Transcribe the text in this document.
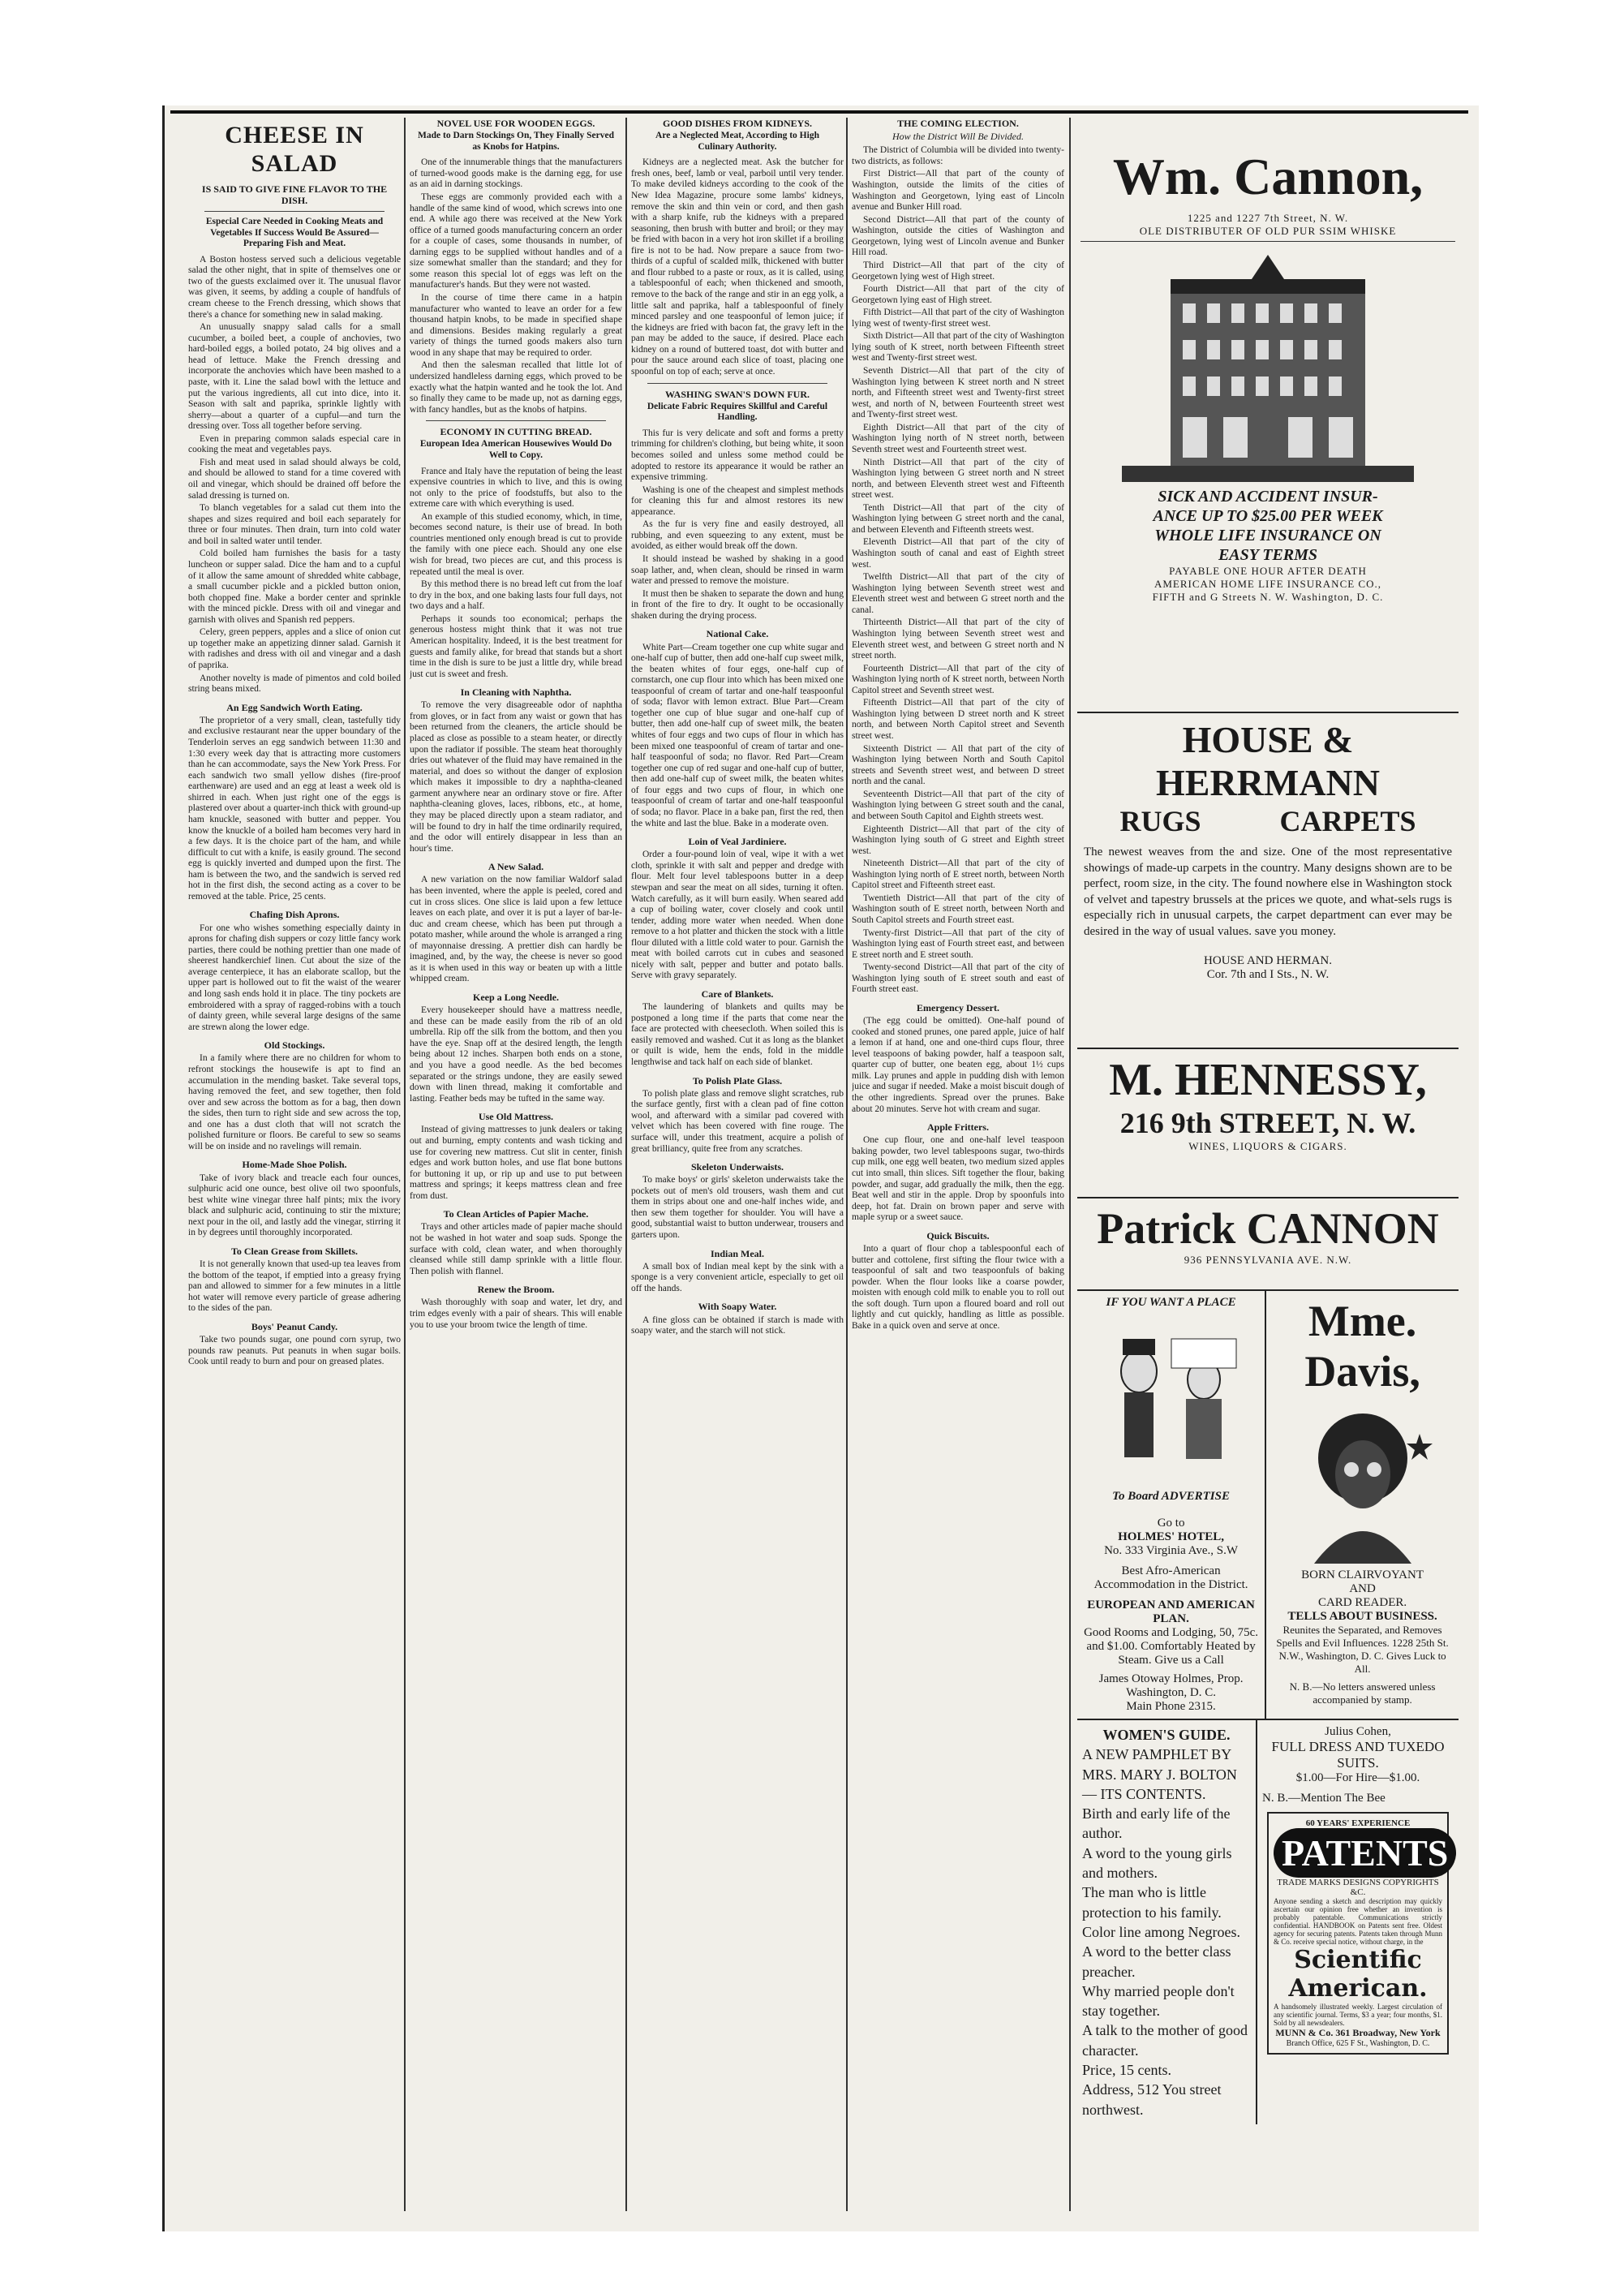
CHEESE IN SALAD
IS SAID TO GIVE FINE FLAVOR TO THE DISH.
Especial Care Needed in Cooking Meats and Vegetables If Success Would Be Assured—Preparing Fish and Meat.

A Boston hostess served such a delicious vegetable salad the other night, that in spite of themselves one or two of the guests exclaimed over it. The unusual flavor was given, it seems, by adding a couple of handfuls of cream cheese to the French dressing, which shows that there's a chance for something new in salad making.

An unusually snappy salad calls for a small cucumber, a boiled beet, a couple of anchovies, two hard-boiled eggs, a boiled potato, 24 big olives and a head of lettuce. Make the French dressing and incorporate the anchovies which have been mashed to a paste, with it. Line the salad bowl with the lettuce and put the various ingredients, all cut into dice, into it. Season with salt and paprika, sprinkle lightly with sherry—about a quarter of a cupful—and turn the dressing over. Toss all together before serving.

Even in preparing common salads especial care in cooking the meat and vegetables pays.

Fish and meat used in salad should always be cold, and should be allowed to stand for a time covered with oil and vinegar, which should be drained off before the salad dressing is turned on.

To blanch vegetables for a salad cut them into the shapes and sizes required and boil each separately for three or four minutes. Then drain, turn into cold water and boil in salted water until tender.

Cold boiled ham furnishes the basis for a tasty luncheon or supper salad. Dice the ham and to a cupful of it allow the same amount of shredded white cabbage, a small cucumber pickle and a pickled button onion, both chopped fine. Make a border center and sprinkle with the minced pickle. Dress with oil and vinegar and garnish with olives and Spanish red peppers.

Celery, green peppers, apples and a slice of onion cut up together make an appetizing dinner salad. Garnish it with radishes and dress with oil and vinegar and a dash of paprika.

Another novelty is made of pimentos and cold boiled string beans mixed.

An Egg Sandwich Worth Eating.

The proprietor of a very small, clean, tastefully tidy and exclusive restaurant near the upper boundary of the Tenderloin serves an egg sandwich between 11:30 and 1:30 every week day that is attracting more customers than he can accommodate, says the New York Press. For each sandwich two small yellow dishes (fire-proof earthenware) are used and an egg at least a week old is shirred in each. When just right one of the eggs is plastered over about a quarter-inch thick with ground-up ham knuckle, seasoned with butter and pepper. You know the knuckle of a boiled ham becomes very hard in a few days. It is the choice part of the ham, and while difficult to cut with a knife, is easily ground. The second egg is quickly inverted and dumped upon the first. The ham is between the two, and the sandwich is served red hot in the first dish, the second acting as a cover to be removed at the table. Price, 25 cents.

Chafing Dish Aprons.

For one who wishes something especially dainty in aprons for chafing dish suppers or cozy little fancy work parties, there could be nothing prettier than one made of sheerest handkerchief linen. Cut about the size of the average centerpiece, it has an elaborate scallop, but the upper part is hollowed out to fit the waist of the wearer and long sash ends hold it in place. The tiny pockets are embroidered with a spray of ragged-robins with a touch of dainty green, while several large designs of the same are strewn along the lower edge.

Old Stockings.

In a family where there are no children for whom to refront stockings the housewife is apt to find an accumulation in the mending basket. Take several tops, having removed the feet, and sew together, then fold over and sew across the bottom as for a bag, then down the sides, then turn to right side and sew across the top, and one has a dust cloth that will not scratch the polished furniture or floors. Be careful to sew so seams will be on inside and no ravelings will remain.

Home-Made Shoe Polish.

Take of ivory black and treacle each four ounces, sulphuric acid one ounce, best olive oil two spoonfuls, best white wine vinegar three half pints; mix the ivory black and sulphuric acid, continuing to stir the mixture; next pour in the oil, and lastly add the vinegar, stirring it in by degrees until thoroughly incorporated.

To Clean Grease from Skillets.

It is not generally known that used-up tea leaves from the bottom of the teapot, if emptied into a greasy frying pan and allowed to simmer for a few minutes in a little hot water will remove every particle of grease adhering to the sides of the pan.

Boys' Peanut Candy.

Take two pounds sugar, one pound corn syrup, two pounds raw peanuts. Put peanuts in when sugar boils. Cook until ready to burn and pour on greased plates.

NOVEL USE FOR WOODEN EGGS.
Made to Darn Stockings On, They Finally Served as Knobs for Hatpins.

One of the innumerable things that the manufacturers of turned-wood goods make is the darning egg, for use as an aid in darning stockings.

These eggs are commonly provided each with a handle of the same kind of wood, which screws into one end. A while ago there was received at the New York office of a turned goods manufacturing concern an order for a couple of cases, some thousands in number, of darning eggs to be supplied without handles and of a size somewhat smaller than the standard; and they for some reason this special lot of eggs was left on the manufacturer's hands. But they were not wasted.

In the course of time there came in a hatpin manufacturer who wanted to leave an order for a few thousand hatpin knobs, to be made in specified shape and dimensions. Besides making regularly a great variety of things the turned goods makers also turn wood in any shape that may be required to order.

And then the salesman recalled that little lot of undersized handleless darning eggs, which proved to be exactly what the hatpin wanted and he took the lot. And so finally they came to be made up, not as darning eggs, with fancy handles, but as the knobs of hatpins.

ECONOMY IN CUTTING BREAD.
European Idea American Housewives Would Do Well to Copy.

France and Italy have the reputation of being the least expensive countries in which to live, and this is owing not only to the price of foodstuffs, but also to the extreme care with which everything is used.

An example of this studied economy, which, in time, becomes second nature, is their use of bread. In both countries mentioned only enough bread is cut to provide the family with one piece each. Should any one else wish for bread, two pieces are cut, and this process is repeated until the meal is over.

By this method there is no bread left cut from the loaf to dry in the box, and one baking lasts four full days, not two days and a half.

Perhaps it sounds too economical; perhaps the generous hostess might think that it was not true American hospitality. Indeed, it is the best treatment for guests and family alike, for bread that stands but a short time in the dish is sure to be just a little dry, while bread just cut is sweet and fresh.

In Cleaning with Naphtha.

To remove the very disagreeable odor of naphtha from gloves, or in fact from any waist or gown that has been returned from the cleaners, the article should be placed as close as possible to a steam heater, or directly upon the radiator if possible. The steam heat thoroughly dries out whatever of the fluid may have remained in the material, and does so without the danger of explosion which makes it impossible to dry a naphtha-cleaned garment anywhere near an ordinary stove or fire. After naphtha-cleaning gloves, laces, ribbons, etc., at home, they may be placed directly upon a steam radiator, and will be found to dry in half the time ordinarily required, and the odor will entirely disappear in less than an hour's time.

A New Salad.

A new variation on the now familiar Waldorf salad has been invented, where the apple is peeled, cored and cut in cross slices. One slice is laid upon a few lettuce leaves on each plate, and over it is put a layer of bar-le-duc and cream cheese, which has been put through a potato masher, while around the whole is arranged a ring of mayonnaise dressing. A prettier dish can hardly be imagined, and, by the way, the cheese is never so good as it is when used in this way or beaten up with a little whipped cream.

Keep a Long Needle.

Every housekeeper should have a mattress needle, and these can be made easily from the rib of an old umbrella. Rip off the silk from the bottom, and then you have the eye. Snap off at the desired length, the length being about 12 inches. Sharpen both ends on a stone, and you have a good needle. As the bed becomes separated or the strings undone, they are easily sewed down with linen thread, making it comfortable and lasting. Feather beds may be tufted in the same way.

Use Old Mattress.

Instead of giving mattresses to junk dealers or taking out and burning, empty contents and wash ticking and use for covering new mattress. Cut slit in center, finish edges and work button holes, and use flat bone buttons for buttoning it up, or rip up and use to put between mattress and springs; it keeps mattress clean and free from dust.

To Clean Articles of Papier Mache.

Trays and other articles made of papier mache should not be washed in hot water and soap suds. Sponge the surface with cold, clean water, and when thoroughly cleansed while still damp sprinkle with a little flour. Then polish with flannel.

Renew the Broom.

Wash thoroughly with soap and water, let dry, and trim edges evenly with a pair of shears. This will enable you to use your broom twice the length of time.

GOOD DISHES FROM KIDNEYS.
Are a Neglected Meat, According to High Culinary Authority.

Kidneys are a neglected meat. Ask the butcher for fresh ones, beef, lamb or veal, parboil until very tender. To make deviled kidneys according to the cook of the New Idea Magazine, procure some lambs' kidneys, remove the skin and thin vein or cord, and then gash with a sharp knife, rub the kidneys with a prepared seasoning, then brush with butter and broil; or they may be fried with bacon in a very hot iron skillet if a broiling fire is not to be had. Now prepare a sauce from two-thirds of a cupful of scalded milk, thickened with butter and flour rubbed to a paste or roux, as it is called, using a tablespoonful of each; when thickened and smooth, remove to the back of the range and stir in an egg yolk, a little salt and paprika, half a tablespoonful of finely minced parsley and one teaspoonful of lemon juice; if the kidneys are fried with bacon fat, the gravy left in the pan may be added to the sauce, if desired. Place each kidney on a round of buttered toast, dot with butter and pour the sauce around each slice of toast, placing one spoonful on top of each; serve at once.

WASHING SWAN'S DOWN FUR.
Delicate Fabric Requires Skillful and Careful Handling.

This fur is very delicate and soft and forms a pretty trimming for children's clothing, but being white, it soon becomes soiled and unless some method could be adopted to restore its appearance it would be rather an expensive trimming.

Washing is one of the cheapest and simplest methods for cleaning this fur and almost restores its new appearance.

As the fur is very fine and easily destroyed, all rubbing, and even squeezing to any extent, must be avoided, as either would break off the down.

It should instead be washed by shaking in a good soap lather, and, when clean, should be rinsed in warm water and pressed to remove the moisture.

It must then be shaken to separate the down and hung in front of the fire to dry. It ought to be occasionally shaken during the drying process.

National Cake.

White Part—Cream together one cup white sugar and one-half cup of butter, then add one-half cup sweet milk, the beaten whites of four eggs, one-half cup of cornstarch, one cup flour into which has been mixed one teaspoonful of cream of tartar and one-half teaspoonful of soda; flavor with lemon extract. Blue Part—Cream together one cup of blue sugar and one-half cup of butter, then add one-half cup of sweet milk, the beaten whites of four eggs and two cups of flour in which has been mixed one teaspoonful of cream of tartar and one-half teaspoonful of soda; no flavor. Red Part—Cream together one cup of red sugar and one-half cup of butter, then add one-half cup of sweet milk, the beaten whites of four eggs and two cups of flour, in which one teaspoonful of cream of tartar and one-half teaspoonful of soda; no flavor. Place in a bake pan, first the red, then the white and last the blue. Bake in a moderate oven.

Loin of Veal Jardiniere.

Order a four-pound loin of veal, wipe it with a wet cloth, sprinkle it with salt and pepper and dredge with flour. Melt four level tablespoons butter in a deep stewpan and sear the meat on all sides, turning it often. Watch carefully, as it will burn easily. When seared add a cup of boiling water, cover closely and cook until tender, adding more water when needed. When done remove to a hot platter and thicken the stock with a little flour diluted with a little cold water to pour. Garnish the meat with boiled carrots cut in cubes and seasoned nicely with salt, pepper and butter and potato balls. Serve with gravy separately.

Care of Blankets.

The laundering of blankets and quilts may be postponed a long time if the parts that come near the face are protected with cheesecloth. When soiled this is easily removed and washed. Cut it as long as the blanket or quilt is wide, hem the ends, fold in the middle lengthwise and tack half on each side of blanket.

To Polish Plate Glass.

To polish plate glass and remove slight scratches, rub the surface gently, first with a clean pad of fine cotton wool, and afterward with a similar pad covered with velvet which has been covered with fine rouge. The surface will, under this treatment, acquire a polish of great brilliancy, quite free from any scratches.

Skeleton Underwaists.

To make boys' or girls' skeleton underwaists take the pockets out of men's old trousers, wash them and cut them in strips about one and one-half inches wide, and then sew them together for shoulder. You will have a good, substantial waist to button underwear, trousers and garters upon.

Indian Meal.

A small box of Indian meal kept by the sink with a sponge is a very convenient article, especially to get oil off the hands.

With Soapy Water.

A fine gloss can be obtained if starch is made with soapy water, and the starch will not stick.

THE COMING ELECTION.
How the District Will Be Divided.

The District of Columbia will be divided into twenty-two districts, as follows:

First District—All that part of the county of Washington, outside the limits of the cities of Washington and Georgetown, lying east of Lincoln avenue and Bunker Hill road.

Second District—All that part of the county of Washington, outside the cities of Washington and Georgetown, lying west of Lincoln avenue and Bunker Hill road.

Third District—All that part of the city of Georgetown lying west of High street.

Fourth District—All that part of the city of Georgetown lying east of High street.

Fifth District—All that part of the city of Washington lying west of twenty-first street west.

Sixth District—All that part of the city of Washington lying south of K street, north between Fifteenth street west and Twenty-first street west.

Seventh District—All that part of the city of Washington lying between K street north and N street north, and Fifteenth street west and Twenty-first street west, and north of N, between Fourteenth street west and Twenty-first street west.

Eighth District—All that part of the city of Washington lying north of N street north, between Seventh street west and Fourteenth street west.

Ninth District—All that part of the city of Washington lying between G street north and N street north, and between Eleventh street west and Fifteenth street west.

Tenth District—All that part of the city of Washington lying between G street north and the canal, and between Eleventh and Fifteenth streets west.

Eleventh District—All that part of the city of Washington south of canal and east of Eighth street west.

Twelfth District—All that part of the city of Washington lying between Seventh street west and Eleventh street west and between G street north and the canal.

Thirteenth District—All that part of the city of Washington lying between Seventh street west and Eleventh street west, and between G street north and N street north.

Fourteenth District—All that part of the city of Washington lying north of K street north, between North Capitol street and Seventh street west.

Fifteenth District—All that part of the city of Washington lying between D street north and K street north, and between North Capitol street and Seventh street west.

Sixteenth District — All that part of the city of Washington lying between North and South Capitol streets and Seventh street west, and between D street north and the canal.

Seventeenth District—All that part of the city of Washington lying between G street south and the canal, and between South Capitol and Eighth streets west.

Eighteenth District—All that part of the city of Washington lying south of G street and Eighth street west.

Nineteenth District—All that part of the city of Washington lying north of E street north, between North Capitol street and Fifteenth street east.

Twentieth District—All that part of the city of Washington south of E street north, between North and South Capitol streets and Fourth street east.

Twenty-first District—All that part of the city of Washington lying east of Fourth street east, and between E street north and E street south.

Twenty-second District—All that part of the city of Washington lying south of E street south and east of Fourth street east.

Emergency Dessert.

(The egg could be omitted). One-half pound of cooked and stoned prunes, one pared apple, juice of half a lemon if at hand, one and one-third cups flour, three level teaspoons of baking powder, half a teaspoon salt, quarter cup of butter, one beaten egg, about 1½ cups milk. Lay prunes and apple in pudding dish with lemon juice and sugar if needed. Make a moist biscuit dough of the other ingredients. Spread over the prunes. Bake about 20 minutes. Serve hot with cream and sugar.

Apple Fritters.

One cup flour, one and one-half level teaspoon baking powder, two level tablespoons sugar, two-thirds cup milk, one egg well beaten, two medium sized apples cut into small, thin slices. Sift together the flour, baking powder, and sugar, add gradually the milk, then the egg. Beat well and stir in the apple. Drop by spoonfuls into deep, hot fat. Drain on brown paper and serve with maple syrup or a sweet sauce.

Quick Biscuits.

Into a quart of flour chop a tablespoonful each of butter and cottolene, first sifting the flour twice with a teaspoonful of salt and two teaspoonfuls of baking powder. When the flour looks like a coarse powder, moisten with enough cold milk to enable you to roll out the soft dough. Turn upon a floured board and roll out lightly and cut quickly, handling as little as possible. Bake in a quick oven and serve at once.

Wm. Cannon,
1225 and 1227 7th Street, N. W.
OLE DISTRIBUTER OF OLD PUR SSIM WHISKE
SICK AND ACCIDENT INSUR-
ANCE UP TO $25.00 PER WEEK
WHOLE LIFE INSURANCE ON
EASY TERMS
PAYABLE ONE HOUR AFTER DEATH
AMERICAN HOME LIFE INSURANCE CO.,
FIFTH and G Streets N. W. Washington, D. C.
HOUSE & HERRMANN
RUGS	CARPETS
The newest weaves from the and size. One of the most representative showings of made-up carpets in the country. Many designs shown are to be perfect, room size, in the city. The found nowhere else in Washington stock of velvet and tapestry brussels at the prices we quote, and what-sels rugs is especially rich in unusual carpets, the carpet department can ever may be desired in the way of usual values. save you money.
HOUSE AND HERMAN.
Cor. 7th and I Sts., N. W.
M. HENNESSY,
216 9th STREET, N. W.
WINES, LIQUORS & CIGARS.
Patrick CANNON
936 PENNSYLVANIA AVE. N.W.
IF YOU WANT A PLACE
To Board ADVERTISE
Go to
HOLMES' HOTEL,
No. 333 Virginia Ave., S.W
Best Afro-American Accommodation in the District.
EUROPEAN AND AMERICAN PLAN.
Good Rooms and Lodging, 50, 75c. and $1.00. Comfortably Heated by Steam. Give us a Call
James Otoway Holmes, Prop.
Washington, D. C.
Main Phone 2315.
Mme. Davis,
BORN CLAIRVOYANT
AND
CARD READER.
TELLS ABOUT BUSINESS.
Reunites the Separated, and Removes Spells and Evil Influences. 1228 25th St. N.W., Washington, D. C. Gives Luck to All.
N. B.—No letters answered unless accompanied by stamp.
WOMEN'S GUIDE.
A NEW PAMPHLET BY MRS. MARY J. BOLTON — ITS CONTENTS.
Birth and early life of the author.
A word to the young girls and mothers.
The man who is little protection to his family.
Color line among Negroes.
A word to the better class preacher.
Why married people don't stay together.
A talk to the mother of good character.
Price, 15 cents.
Address, 512 You street northwest.
Julius Cohen,
FULL DRESS AND TUXEDO SUITS.
$1.00—For Hire—$1.00.
N. B.—Mention The Bee
60 YEARS' EXPERIENCE
PATENTS
TRADE MARKS DESIGNS COPYRIGHTS &C.
Anyone sending a sketch and description may quickly ascertain our opinion free whether an invention is probably patentable. Communications strictly confidential. HANDBOOK on Patents sent free. Oldest agency for securing patents. Patents taken through Munn & Co. receive special notice, without charge, in the
Scientific American.
A handsomely illustrated weekly. Largest circulation of any scientific journal. Terms, $3 a year; four months, $1. Sold by all newsdealers.
MUNN & Co. 361 Broadway, New York
Branch Office, 625 F St., Washington, D. C.
